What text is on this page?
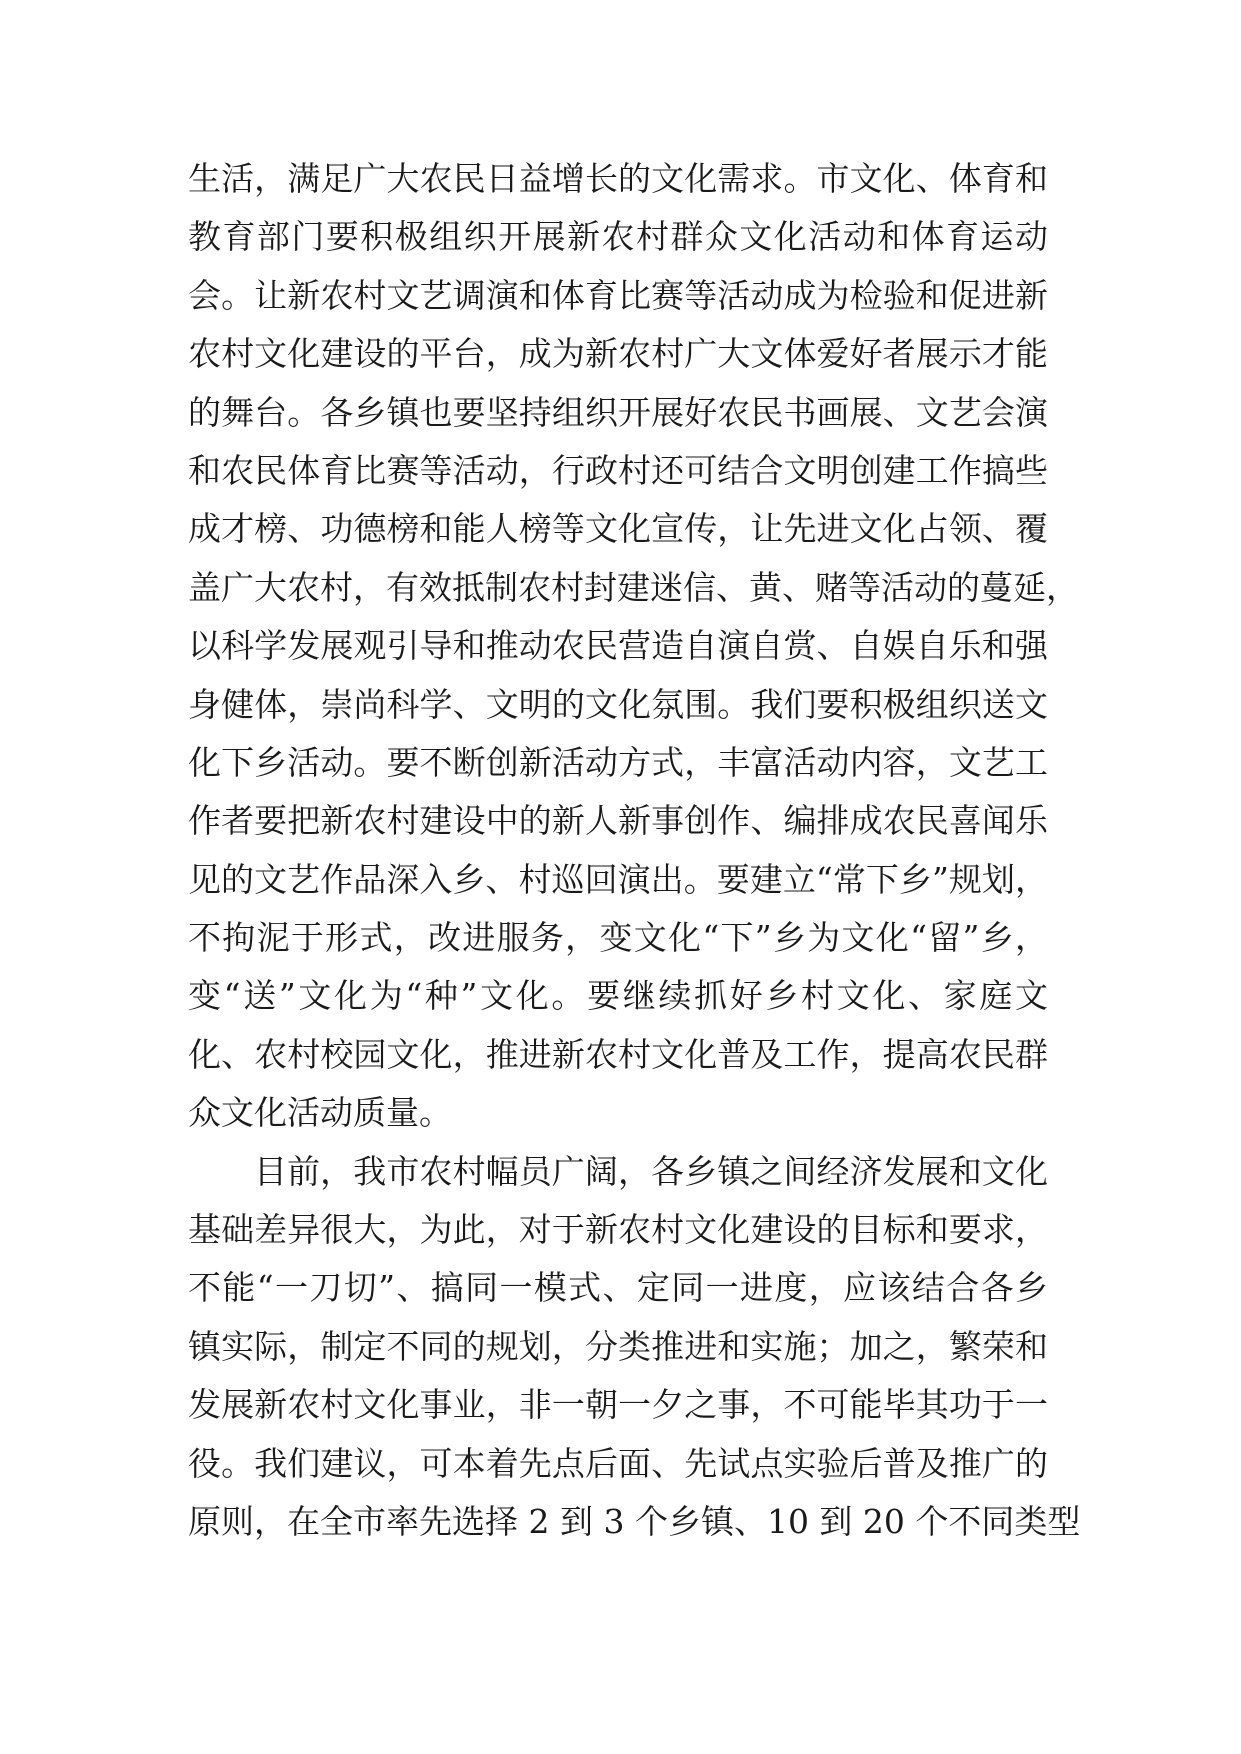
生活，满足广大农民日益增长的文化需求。市文化、体育和
教育部门要积极组织开展新农村群众文化活动和体育运动
会。让新农村文艺调演和体育比赛等活动成为检验和促进新
农村文化建设的平台，成为新农村广大文体爱好者展示才能
的舞台。各乡镇也要坚持组织开展好农民书画展、文艺会演
和农民体育比赛等活动，行政村还可结合文明创建工作搞些
成才榜、功德榜和能人榜等文化宣传，让先进文化占领、覆
盖广大农村，有效抵制农村封建迷信、黄、赌等活动的蔓延，
以科学发展观引导和推动农民营造自演自赏、自娱自乐和强
身健体，崇尚科学、文明的文化氛围。我们要积极组织送文
化下乡活动。要不断创新活动方式，丰富活动内容，文艺工
作者要把新农村建设中的新人新事创作、编排成农民喜闻乐
见的文艺作品深入乡、村巡回演出。要建立“常下乡”规划，
不拘泥于形式，改进服务，变文化“下”乡为文化“留”乡，
变“送”文化为“种”文化。要继续抓好乡村文化、家庭文
化、农村校园文化，推进新农村文化普及工作，提高农民群
众文化活动质量。
目前，我市农村幅员广阔，各乡镇之间经济发展和文化
基础差异很大，为此，对于新农村文化建设的目标和要求，
不能“一刀切”、搞同一模式、定同一进度，应该结合各乡
镇实际，制定不同的规划，分类推进和实施；加之，繁荣和
发展新农村文化事业，非一朝一夕之事，不可能毕其功于一
役。我们建议，可本着先点后面、先试点实验后普及推广的
原则，在全市率先选择 2 到 3 个乡镇、10 到 20 个不同类型
